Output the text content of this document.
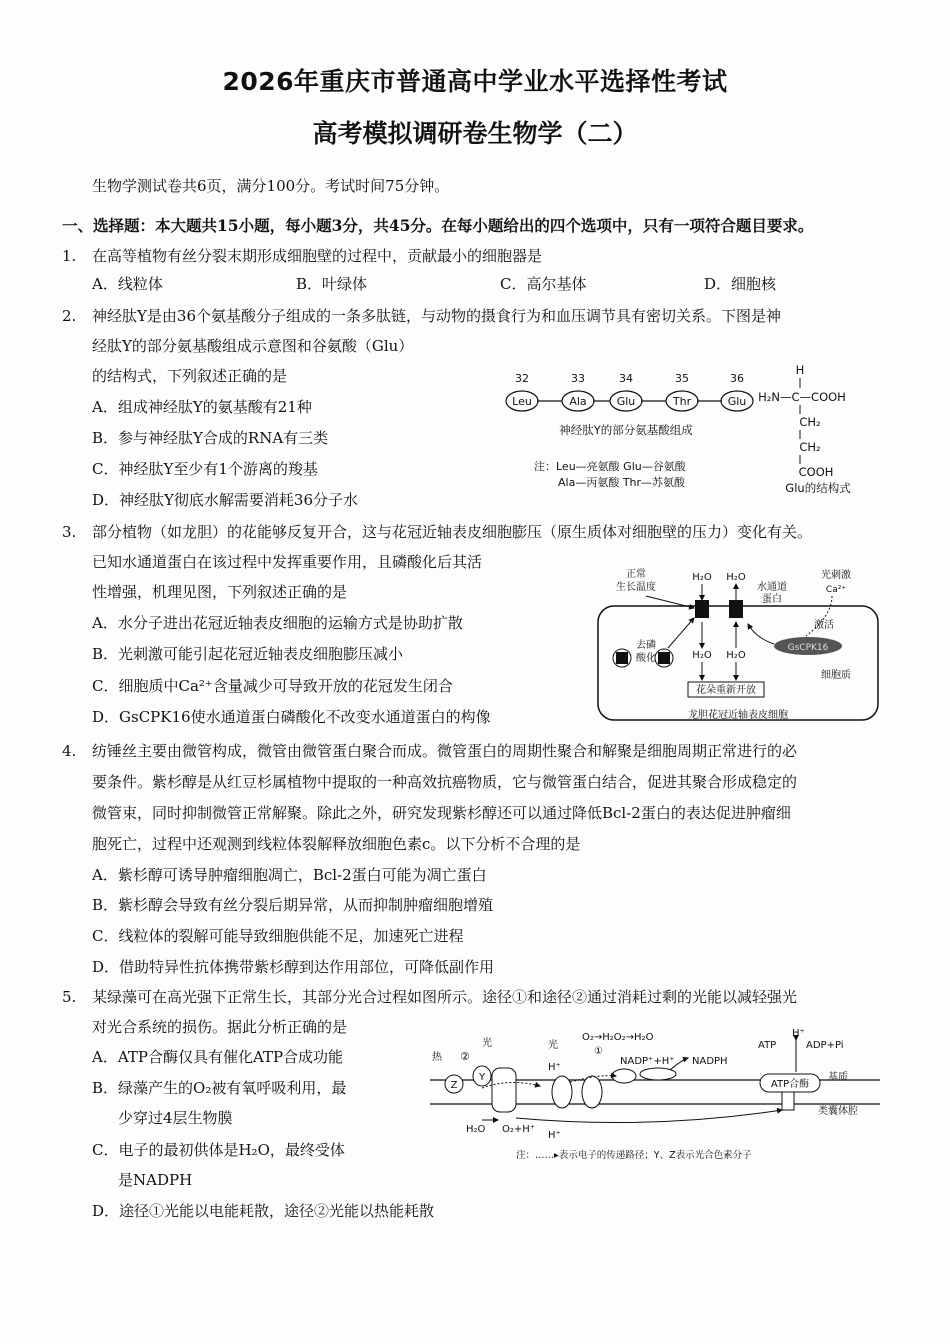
2026年重庆市普通高中学业水平选择性考试
高考模拟调研卷生物学（二）
生物学测试卷共6页，满分100分。考试时间75分钟。
一、选择题：本大题共15小题，每小题3分，共45分。在每小题给出的四个选项中，只有一项符合题目要求。
1. 在高等植物有丝分裂末期形成细胞壁的过程中，贡献最小的细胞器是
A．线粒体	B．叶绿体	C．高尔基体	D．细胞核
2. 神经肽Y是由36个氨基酸分子组成的一条多肽链，与动物的摄食行为和血压调节具有密切关系。下图是神
经肽Y的部分氨基酸组成示意图和谷氨酸（Glu）
的结构式，下列叙述正确的是
A．组成神经肽Y的氨基酸有21种
B．参与神经肽Y合成的RNA有三类
C．神经肽Y至少有1个游离的羧基
D．神经肽Y彻底水解需要消耗36分子水
32	33	34	35	36
Leu	Ala	Glu	Thr	Glu
神经肽Y的部分氨基酸组成
注：Leu—亮氨酸 Glu—谷氨酸
Ala—丙氨酸 Thr—苏氨酸
H
H₂N—C—COOH
CH₂
CH₂
COOH
Glu的结构式
3. 部分植物（如龙胆）的花能够反复开合，这与花冠近轴表皮细胞膨压（原生质体对细胞壁的压力）变化有关。
已知水通道蛋白在该过程中发挥重要作用，且磷酸化后其活
性增强，机理见图，下列叙述正确的是
A．水分子进出花冠近轴表皮细胞的运输方式是协助扩散
B．光刺激可能引起花冠近轴表皮细胞膨压减小
C．细胞质中Ca²⁺含量减少可导致开放的花冠发生闭合
D．GsCPK16使水通道蛋白磷酸化不改变水通道蛋白的构像
正常
生长温度
H₂O H₂O
水通道
蛋白
光刺激
Ca²⁺
激活
GsCPK16
去磷
酸化	H₂O H₂O
花朵重新开放
细胞质
龙胆花冠近轴表皮细胞
4. 纺锤丝主要由微管构成，微管由微管蛋白聚合而成。微管蛋白的周期性聚合和解聚是细胞周期正常进行的必
要条件。紫杉醇是从红豆杉属植物中提取的一种高效抗癌物质，它与微管蛋白结合，促进其聚合形成稳定的
微管束，同时抑制微管正常解聚。除此之外，研究发现紫杉醇还可以通过降低Bcl-2蛋白的表达促进肿瘤细
胞死亡，过程中还观测到线粒体裂解释放细胞色素c。以下分析不合理的是
A．紫杉醇可诱导肿瘤细胞凋亡，Bcl-2蛋白可能为凋亡蛋白
B．紫杉醇会导致有丝分裂后期异常，从而抑制肿瘤细胞增殖
C．线粒体的裂解可能导致细胞供能不足，加速死亡进程
D．借助特异性抗体携带紫杉醇到达作用部位，可降低副作用
5. 某绿藻可在高光强下正常生长，其部分光合过程如图所示。途径①和途径②通过消耗过剩的光能以减轻强光
对光合系统的损伤。据此分析正确的是
A．ATP合酶仅具有催化ATP合成功能
B．绿藻产生的O₂被有氧呼吸利用，最
少穿过4层生物膜
C．电子的最初供体是H₂O，最终受体
是NADPH
D．途径①光能以电能耗散，途径②光能以热能耗散
热 ②
光
Z
Y
光
H⁺
H⁺
O₂→H₂O₂→H₂O
①
NADP⁺+H⁺ NADPH
H₂O O₂+H⁺
ATP合酶
H⁺
ATP	ADP+Pi
基质
类囊体腔
注：……▸表示电子的传递路径；Y、Z表示光合色素分子
